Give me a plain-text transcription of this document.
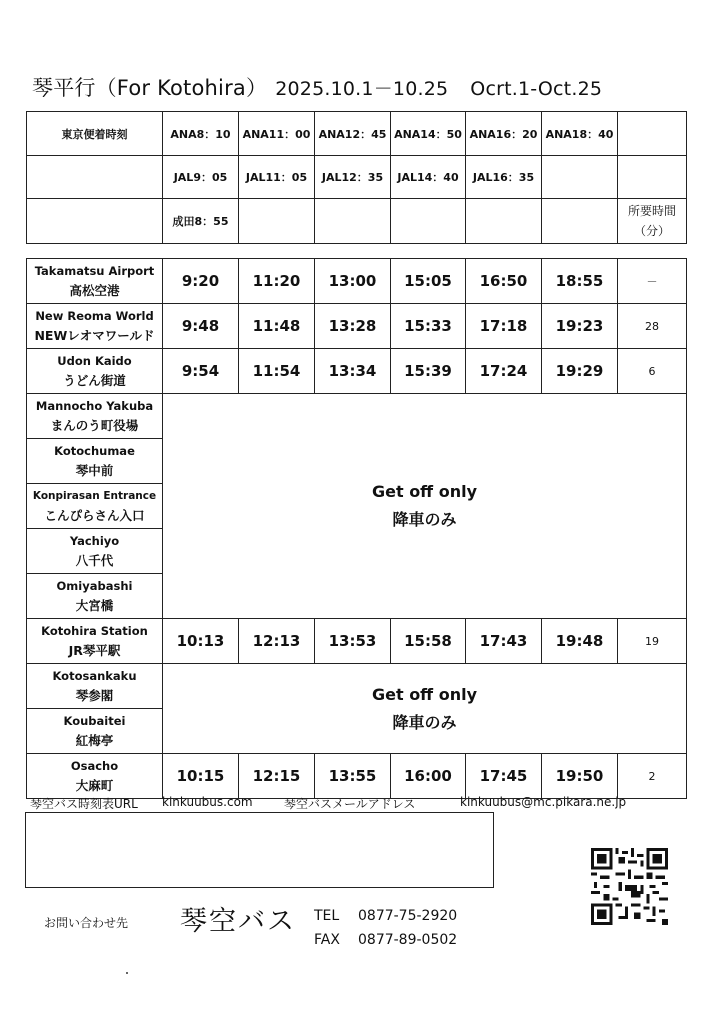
琴平行（For Kotohira） 2025.10.1－10.25 Ocrt.1-Oct.25
東京便着時刻	ANA8：10	ANA11：00	ANA12：45	ANA14：50	ANA16：20	ANA18：40	
	JAL9：05	JAL11：05	JAL12：35	JAL14：40	JAL16：35		
	成田8：55						所要時間
（分）
Takamatsu Airport
高松空港	9:20	11:20	13:00	15:05	16:50	18:55	－

New Reoma World
NEWレオマワールド	9:48	11:48	13:28	15:33	17:18	19:23	28

Udon Kaido
うどん街道	9:54	11:54	13:34	15:39	17:24	19:29	6

Mannocho Yakuba
まんのう町役場	Get off only
降車のみ						

Kotochumae
琴中前							

Konpirasan Entrance
こんぴらさん入口							

Yachiyo
八千代							

Omiyabashi
大宮橋							

Kotohira Station
JR琴平駅	10:13	12:13	13:53	15:58	17:43	19:48	19

Kotosankaku
琴参閣	Get off only
降車のみ						

Koubaitei
紅梅亭							

Osacho
大麻町	10:15	12:15	13:55	16:00	17:45	19:50	2
琴空バス時刻表URL kinkuubus.com	琴空バスメールアドレス	kinkuubus@mc.pikara.ne.jp
お問い合わせ先 琴空バス TEL 0877-75-2920
FAX 0877-89-0502
